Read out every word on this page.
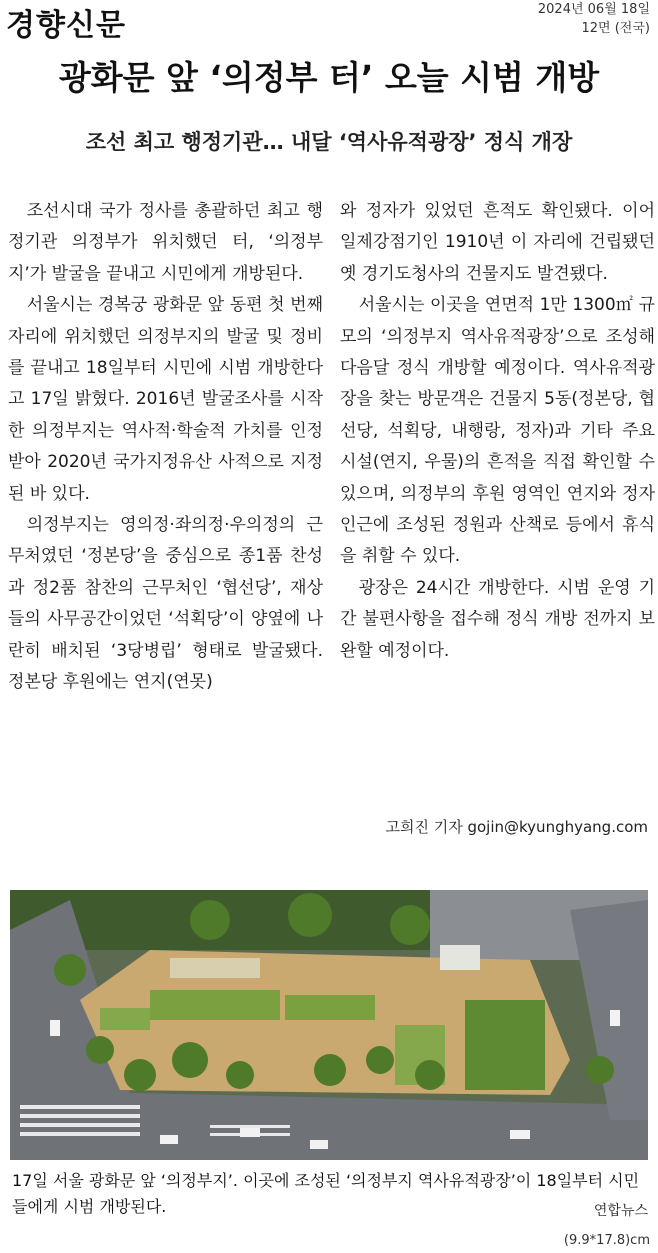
경향신문	2024년 06월 18일
12면 (전국)
광화문 앞 ‘의정부 터’ 오늘 시범 개방
조선 최고 행정기관… 내달 ‘역사유적광장’ 정식 개장

조선시대 국가 정사를 총괄하던 최고 행정기관 의정부가 위치했던 터, ‘의정부지’가 발굴을 끝내고 시민에게 개방된다.

서울시는 경복궁 광화문 앞 동편 첫 번째 자리에 위치했던 의정부지의 발굴 및 정비를 끝내고 18일부터 시민에 시범 개방한다고 17일 밝혔다. 2016년 발굴조사를 시작한 의정부지는 역사적·학술적 가치를 인정받아 2020년 국가지정유산 사적으로 지정된 바 있다.

의정부지는 영의정·좌의정·우의정의 근무처였던 ‘정본당’을 중심으로 종1품 찬성과 정2품 참찬의 근무처인 ‘협선당’, 재상들의 사무공간이었던 ‘석획당’이 양옆에 나란히 배치된 ‘3당병립’ 형태로 발굴됐다. 정본당 후원에는 연지(연못)

와 정자가 있었던 흔적도 확인됐다. 이어 일제강점기인 1910년 이 자리에 건립됐던 옛 경기도청사의 건물지도 발견됐다.

서울시는 이곳을 연면적 1만 1300㎡ 규모의 ‘의정부지 역사유적광장’으로 조성해 다음달 정식 개방할 예정이다. 역사유적광장을 찾는 방문객은 건물지 5동(정본당, 협선당, 석획당, 내행랑, 정자)과 기타 주요 시설(연지, 우물)의 흔적을 직접 확인할 수 있으며, 의정부의 후원 영역인 연지와 정자 인근에 조성된 정원과 산책로 등에서 휴식을 취할 수 있다.

광장은 24시간 개방한다. 시범 운영 기간 불편사항을 접수해 정식 개방 전까지 보완할 예정이다.

고희진 기자 gojin@kyunghyang.com
17일 서울 광화문 앞 ‘의정부지’. 이곳에 조성된 ‘의정부지 역사유적광장’이 18일부터 시민들에게 시범 개방된다.	연합뉴스
(9.9*17.8)cm
